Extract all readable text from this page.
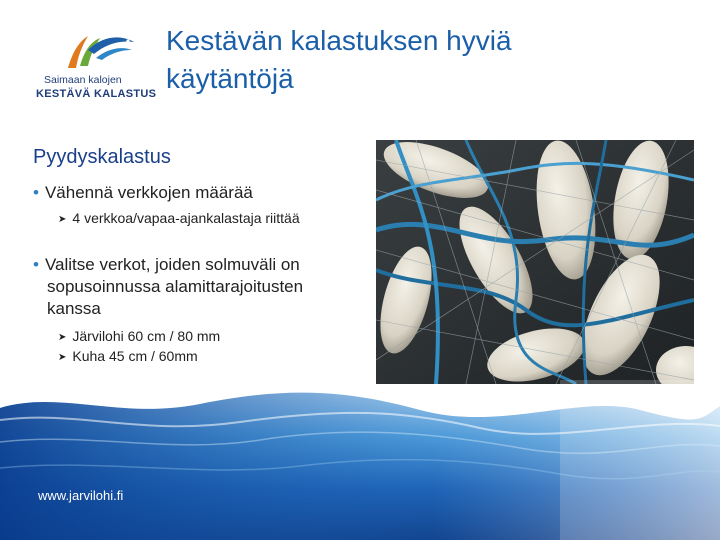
Saimaan kalojen
KESTÄVÄ KALASTUS
Kestävän kalastuksen hyviä
käytäntöjä
Pyydyskalastus
• Vähennä verkkojen määrää
➤ 4 verkkoa/vapaa-ajankalastaja riittää
• Valitse verkot, joiden solmuväli on
sopusoinnussa alamittarajoitusten
kanssa
➤ Järvilohi 60 cm / 80 mm
➤ Kuha 45 cm / 60mm
www.jarvilohi.fi
